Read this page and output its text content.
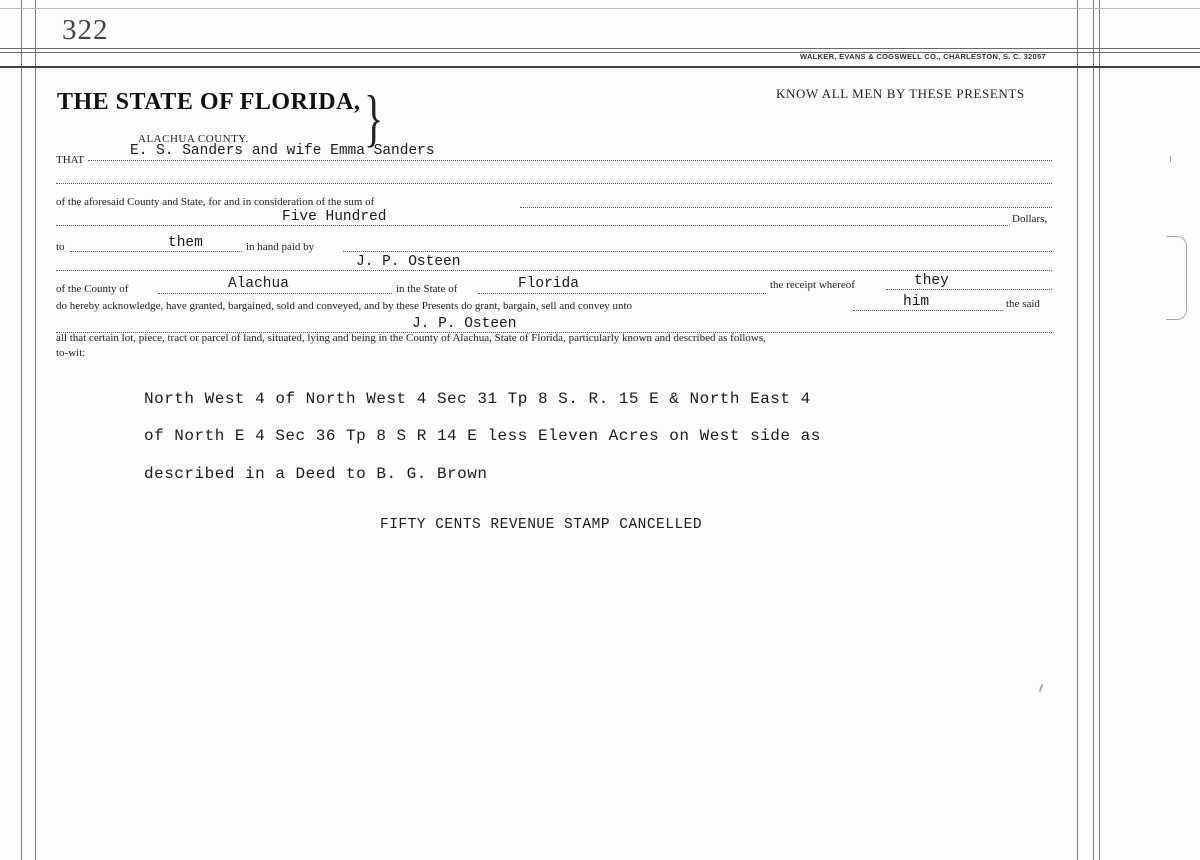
322
WALKER, EVANS & COGSWELL CO., CHARLESTON, S. C. 32057
THE STATE OF FLORIDA, }	KNOW ALL MEN BY THESE PRESENTS
ALACHUA COUNTY.
THAT
E. S. Sanders and wife Emma Sanders
of the aforesaid County and State, for and in consideration of the sum of
Five Hundred	Dollars,
to	them	in hand paid by
J. P. Osteen
of the County of	Alachua	in the State of	Florida	the receipt whereof	they
do hereby acknowledge, have granted, bargained, sold and conveyed, and by these Presents do grant, bargain, sell and convey unto	him	the said
J. P. Osteen
all that certain lot, piece, tract or parcel of land, situated, lying and being in the County of Alachua, State of Florida, particularly known and described as follows,
to-wit:
North West 4 of North West 4 Sec 31 Tp 8 S. R. 15 E & North East 4
of North E 4 Sec 36 Tp 8 S R 14 E less Eleven Acres on West side as
described in a Deed to B. G. Brown
FIFTY CENTS REVENUE STAMP CANCELLED
